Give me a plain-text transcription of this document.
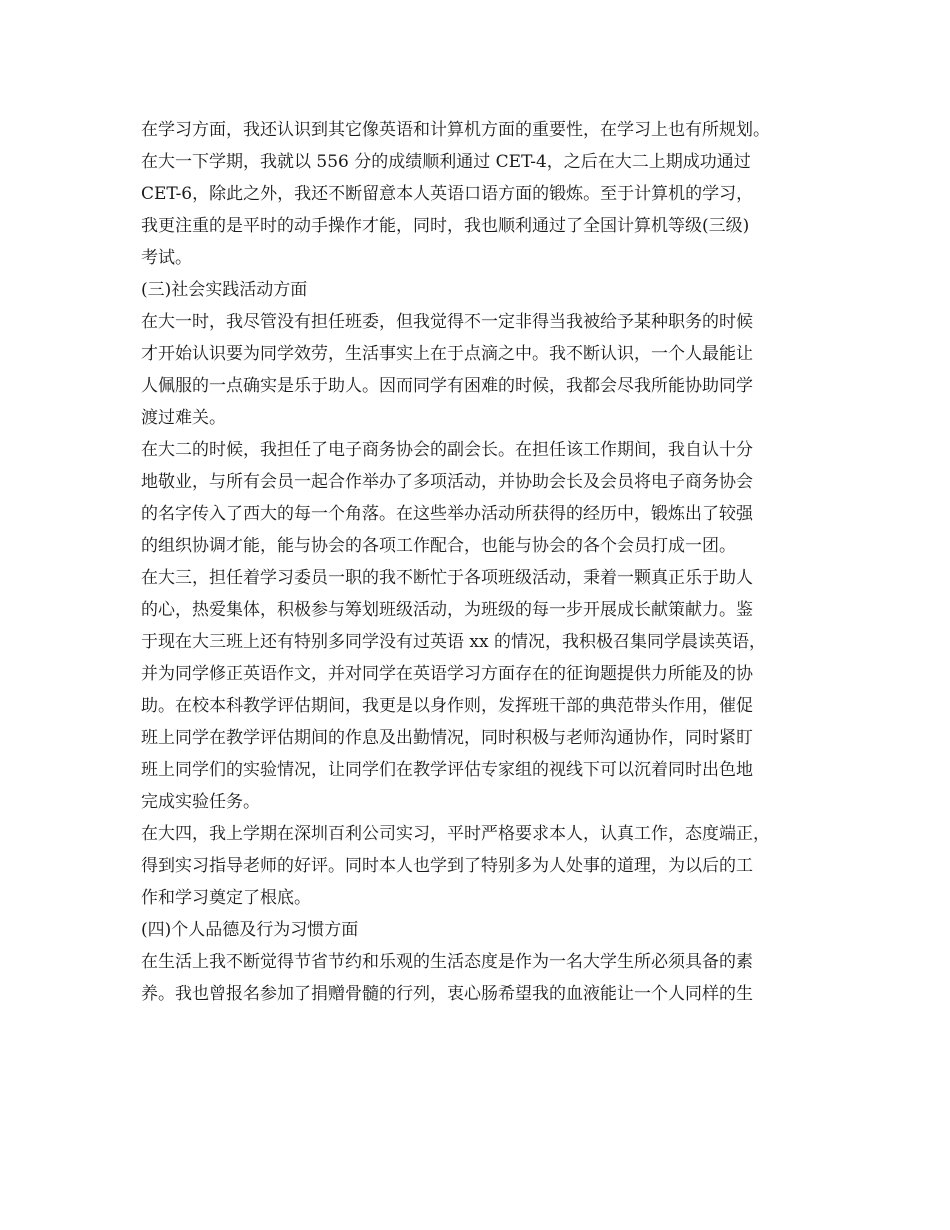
在学习方面，我还认识到其它像英语和计算机方面的重要性，在学习上也有所规划。
在大一下学期，我就以 556 分的成绩顺利通过 CET-4，之后在大二上期成功通过
CET-6，除此之外，我还不断留意本人英语口语方面的锻炼。至于计算机的学习，
我更注重的是平时的动手操作才能，同时，我也顺利通过了全国计算机等级(三级)
考试。
(三)社会实践活动方面
在大一时，我尽管没有担任班委，但我觉得不一定非得当我被给予某种职务的时候
才开始认识要为同学效劳，生活事实上在于点滴之中。我不断认识，一个人最能让
人佩服的一点确实是乐于助人。因而同学有困难的时候，我都会尽我所能协助同学
渡过难关。
在大二的时候，我担任了电子商务协会的副会长。在担任该工作期间，我自认十分
地敬业，与所有会员一起合作举办了多项活动，并协助会长及会员将电子商务协会
的名字传入了西大的每一个角落。在这些举办活动所获得的经历中，锻炼出了较强
的组织协调才能，能与协会的各项工作配合，也能与协会的各个会员打成一团。
在大三，担任着学习委员一职的我不断忙于各项班级活动，秉着一颗真正乐于助人
的心，热爱集体，积极参与筹划班级活动，为班级的每一步开展成长献策献力。鉴
于现在大三班上还有特别多同学没有过英语 xx 的情况，我积极召集同学晨读英语，
并为同学修正英语作文，并对同学在英语学习方面存在的征询题提供力所能及的协
助。在校本科教学评估期间，我更是以身作则，发挥班干部的典范带头作用，催促
班上同学在教学评估期间的作息及出勤情况，同时积极与老师沟通协作，同时紧盯
班上同学们的实验情况，让同学们在教学评估专家组的视线下可以沉着同时出色地
完成实验任务。
在大四，我上学期在深圳百利公司实习，平时严格要求本人，认真工作，态度端正，
得到实习指导老师的好评。同时本人也学到了特别多为人处事的道理，为以后的工
作和学习奠定了根底。
(四)个人品德及行为习惯方面
在生活上我不断觉得节省节约和乐观的生活态度是作为一名大学生所必须具备的素
养。我也曾报名参加了捐赠骨髓的行列，衷心肠希望我的血液能让一个人同样的生
